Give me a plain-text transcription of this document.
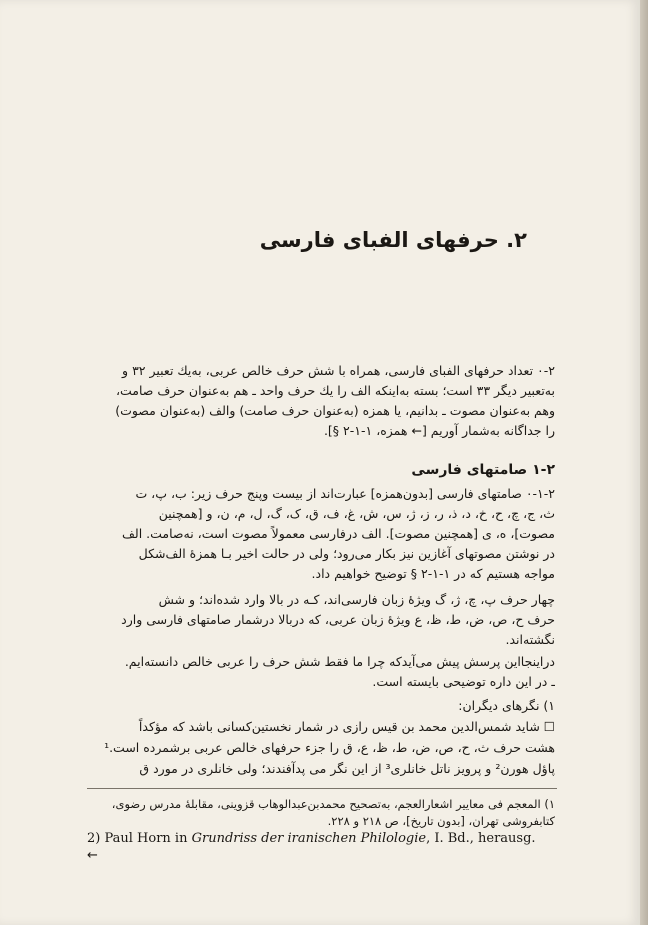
۲. حرفهای الفبای فارسی
۰-۲ تعداد حرفهای الفبای فارسی، همراه با شش حرف خالص عربی، به‌یك تعبیر ۳۲ و
به‌تعبیر دیگر ۳۳ است؛ بسته به‌اینکه الف را یك حرف واحد ـ هم به‌عنوان حرف صامت،
وهم به‌عنوان مصوت ـ بدانیم، یا همزه (به‌عنوان حرف صامت) والف (به‌عنوان مصوت)
را جداگانه به‌شمار آوریم [← همزه، ۱-۱-۲ §].
۱-۲ صامتهای فارسی
۰-۱-۲ صامتهای فارسی [بدون‌همزه] عبارت‌اند از بیست وپنج حرف زیر: ب، پ، ت
ث، ج، چ، ح، خ، د، ذ، ر، ز، ژ، س، ش، غ، ف، ق، ک، گ، ل، م، ن، و [همچنین
مصوت]، ه، ی [همچنین مصوت]. الف درفارسی معمولاً مصوت است، نه‌صامت. الف
در نوشتن مصوتهای آغازین نیز بکار می‌رود؛ ولی در حالت اخیر بـا همزهٔ الف‌شکل
مواجه هستیم که در ۱-۱-۲ § توضیح خواهیم داد.
چهار حرف پ، چ، ژ، گ ویژهٔ زبان فارسی‌اند، کـه در بالا وارد شده‌اند؛ و شش
حرف ح، ص، ض، ط، ظ، ع ویژهٔ زبان عربی، که دربالا درشمار صامتهای فارسی وارد
نگشته‌اند.
دراینجااین پرسش پیش می‌آیدکه چرا ما فقط شش حرف را عربی خالص دانسته‌ایم.
ـ در این داره توضیحی بایسته است.
۱) نگرهای دیگران:
☐ شاید شمس‌الدین محمد بن قیس رازی در شمار نخستین‌کسانی باشد که مؤکداً
هشت حرف ث، ح، ص، ض، ط، ظ، ع، ق را جزء حرفهای خالص عربی برشمرده است.¹
پاؤل هورن² و پرویز ناتل خانلری³ از این نگر می پدآفندند؛ ولی خانلری در مورد ق
۱) المعجم فی معاییر اشعارالعجم، به‌تصحیح محمدبن‌عبدالوهاب قزوینی، مقابلهٔ مدرس رضوی،
کتابفروشی تهران، [بدون تاریخ]، ص ۲۱۸ و ۲۲۸.
2) Paul Horn in Grundriss der iranischen Philologie, I. Bd., herausg.
←
